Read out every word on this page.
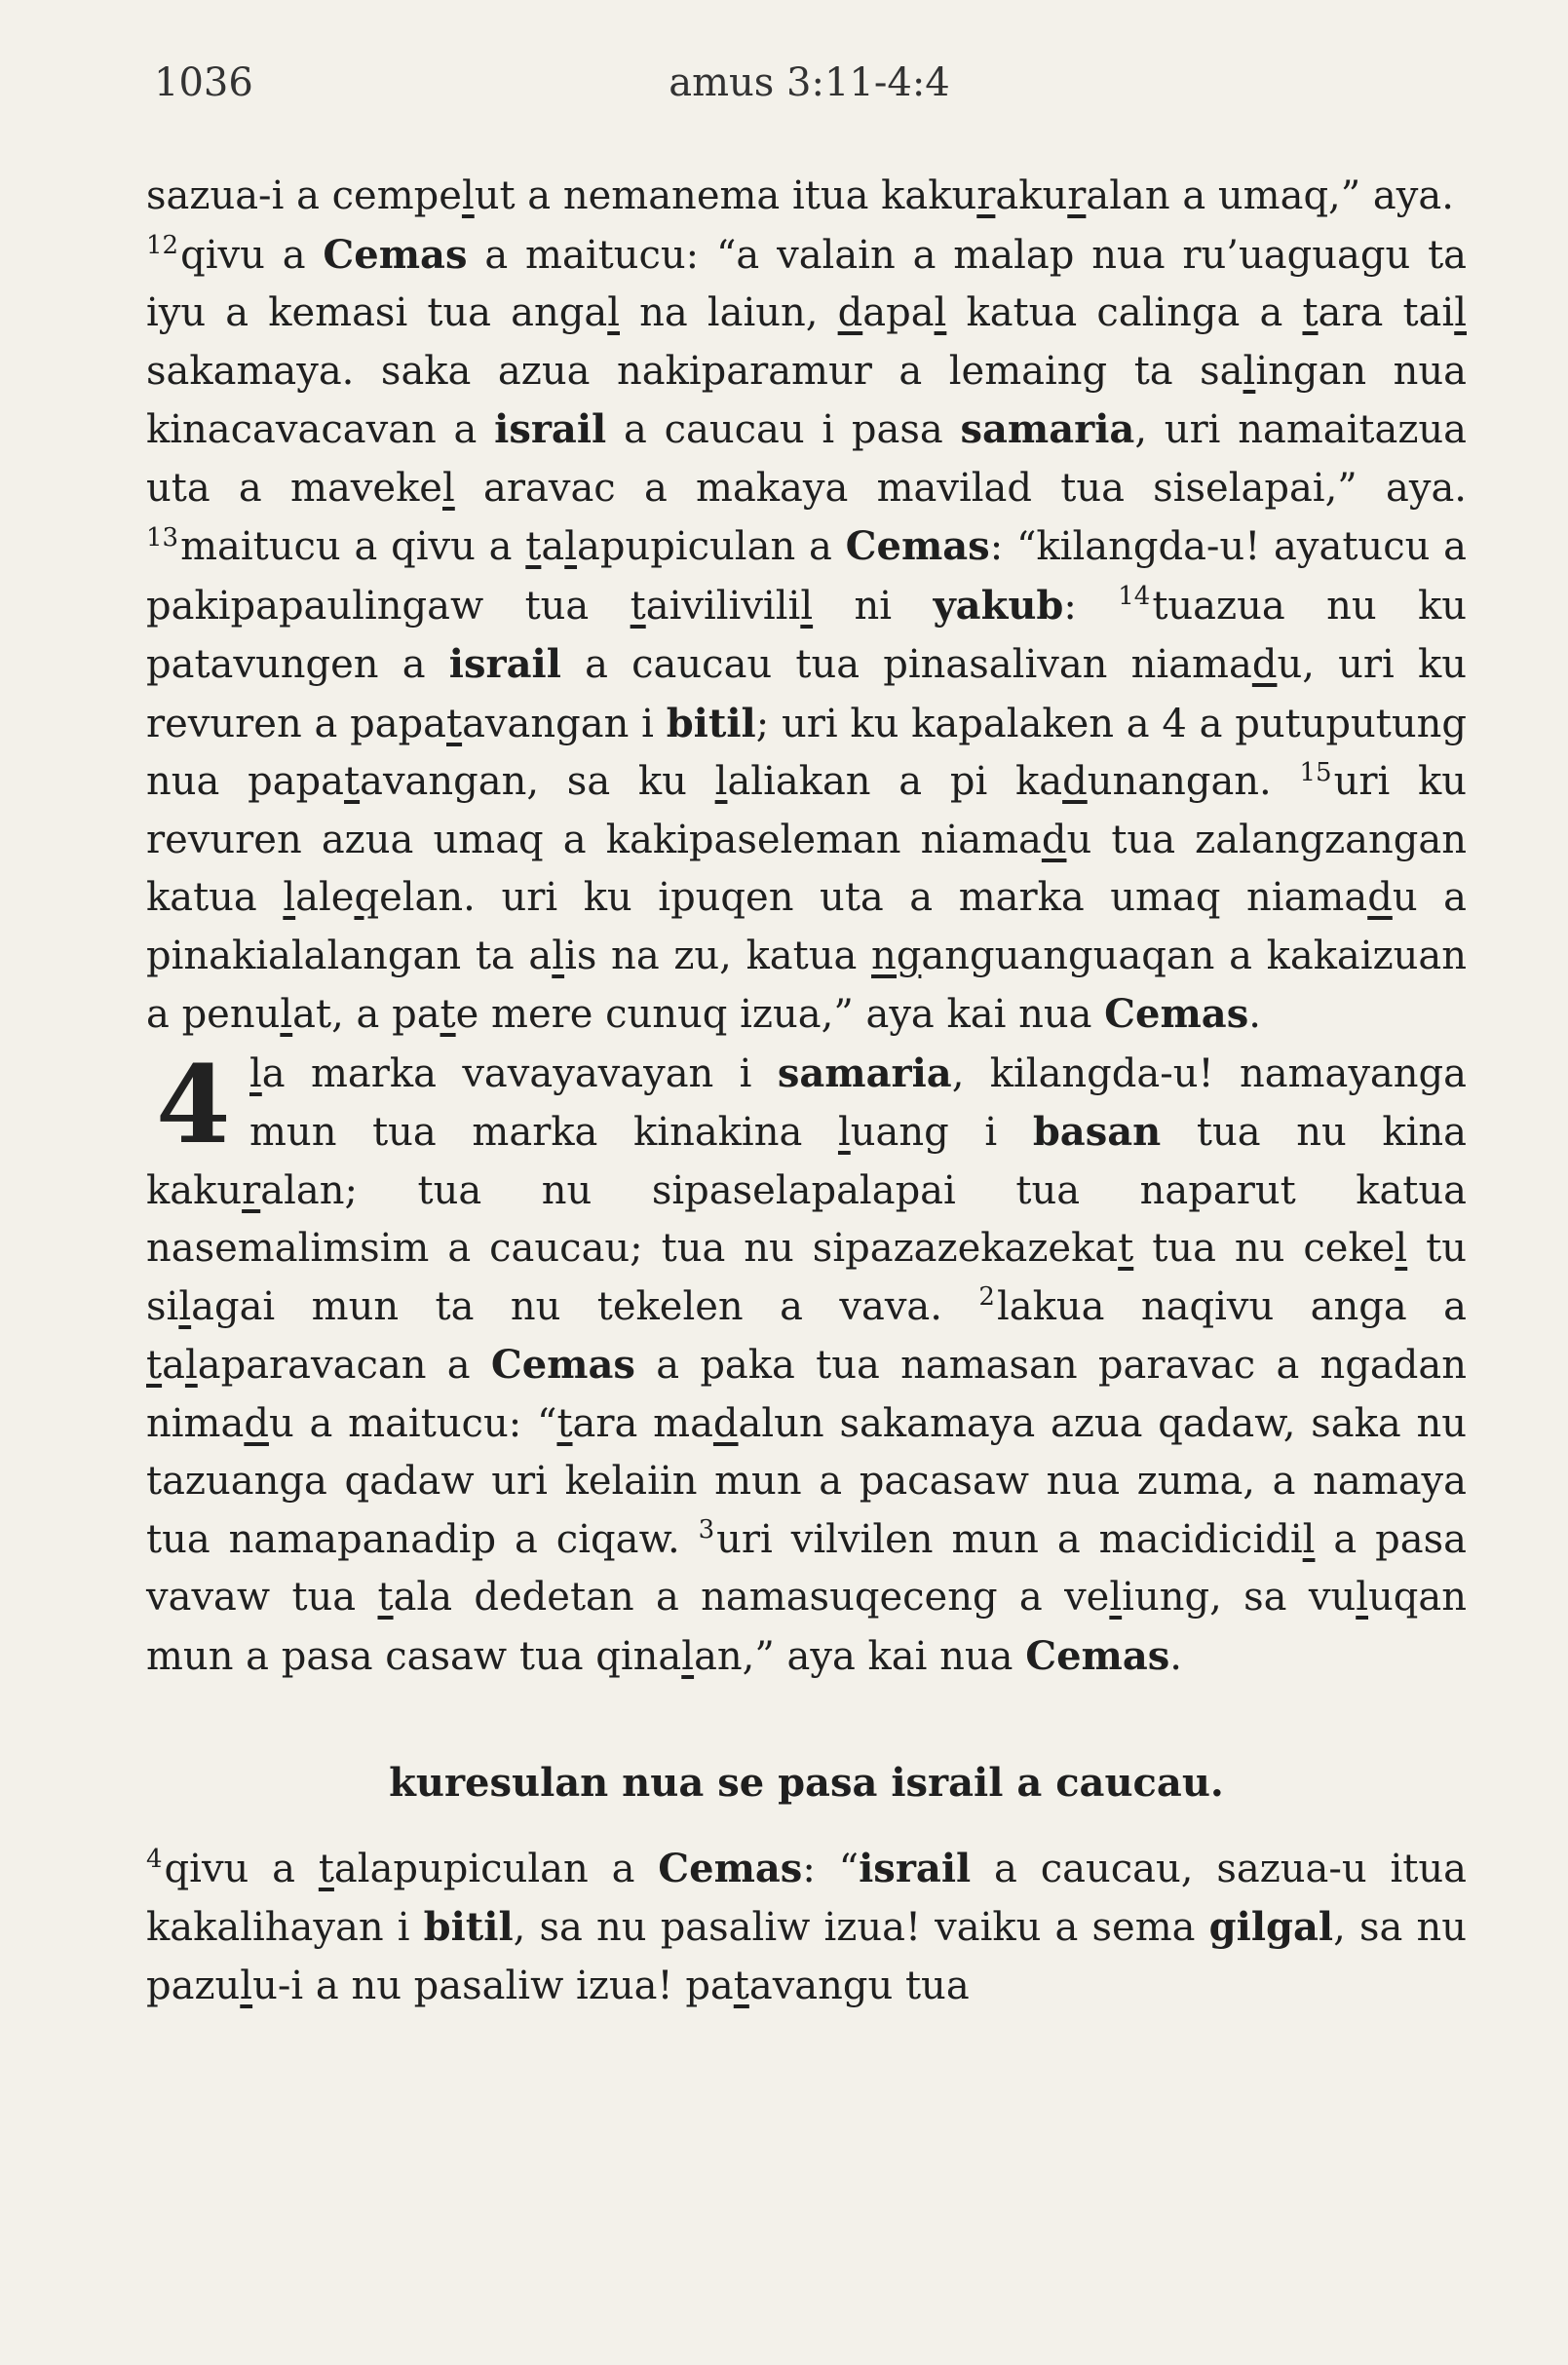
1036	amus 3:11-4:4

sazua-i a cempelut a nemanema itua kakurakuralan a umaq,” aya.

$^{12}$qivu a Cemas a maitucu: “a valain a malap nua ru’uaguagu ta iyu a kemasi tua angal na laiun, dapal katua calinga a tara tail sakamaya. saka azua nakiparamur a lemaing ta salingan nua kinacavacavan a israil a caucau i pasa samaria, uri namaitazua uta a mavekel aravac a makaya mavilad tua siselapai,” aya. $^{13}$maitucu a qivu a talapupiculan a Cemas: “kilangda-u! ayatucu a pakipapaulingaw tua taivilivilil ni yakub: $^{14}$tuazua nu ku patavungen a israil a caucau tua pinasalivan niamadu, uri ku revuren a papatavangan i bitil; uri ku kapalaken a 4 a putuputung nua papatavangan, sa ku laliakan a pi kadunangan. $^{15}$uri ku revuren azua umaq a kakipaseleman niamadu tua zalangzangan katua laleqelan. uri ku ipuqen uta a marka umaq niamadu a pinakialalangan ta alis na zu, katua nganguanguaqan a kakaizuan a penulat, a pate mere cunuq izua,” aya kai nua Cemas.

4 la marka vavayavayan i samaria, kilangda-u! namayanga mun tua marka kinakina luang i basan tua nu kina kakuralan; tua nu sipaselapalapai tua naparut katua nasemalimsim a caucau; tua nu sipazazekazekat tua nu cekel tu silagai mun ta nu tekelen a vava. $^2$lakua naqivu anga a talaparavacan a Cemas a paka tua namasan paravac a ngadan nimadu a maitucu: “tara madalun sakamaya azua qadaw, saka nu tazuanga qadaw uri kelaiin mun a pacasaw nua zuma, a namaya tua namapanadip a ciqaw. $^3$uri vilvilen mun a macidicidil a pasa vavaw tua tala dedetan a namasuqeceng a veliung, sa vuluqan mun a pasa casaw tua qinalan,” aya kai nua Cemas.

kuresulan nua se pasa israil a caucau.

$^4$qivu a talapupiculan a Cemas: “israil a caucau, sazua-u itua kakalihayan i bitil, sa nu pasaliw izua! vaiku a sema gilgal, sa nu pazulu-i a nu pasaliw izua! patavangu tua
